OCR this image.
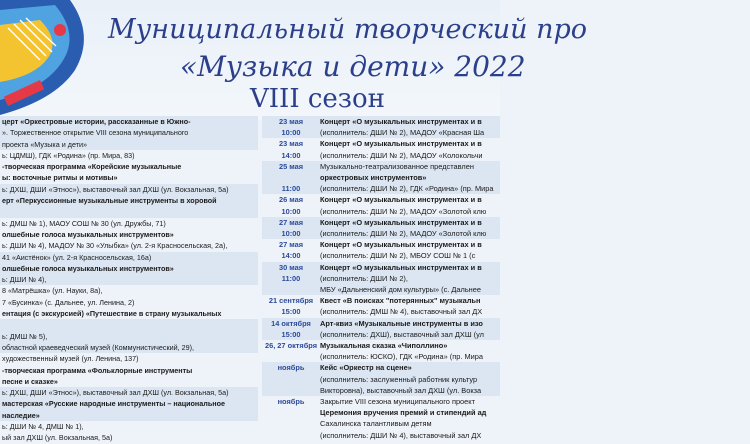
Муниципальный творческий про
«Музыка и дети» 2022
VIII сезон
церт «Оркестровые истории, рассказанные в Южно-
». Торжественное открытие VIII сезона муниципального
проекта «Музыка и дети»
ь: ЦДМШ), ГДК «Родина» (пр. Мира, 83)
-творческая программа «Корейские музыкальные
ы: восточные ритмы и мотивы»
ь: ДХШ, ДШИ «Этнос»), выставочный зал ДХШ (ул. Вокзальная, 5а)
ерт «Перкуссионные музыкальные инструменты в хоровой

ь: ДМШ № 1), МАОУ СОШ № 30 (ул. Дружбы, 71)
олшебные голоса музыкальных инструментов»
ь: ДШИ № 4), МАДОУ № 30 «Улыбка» (ул. 2-я Красносельская, 2а),
41 «Аистёнок» (ул. 2-я Красносельская, 16а)
олшебные голоса музыкальных инструментов»
ь: ДШИ № 4),
8 «Матрёшка» (ул. Науки, 8а),
7 «Бусинка» (с. Дальнее, ул. Ленина, 2)
ентация (с экскурсией) «Путешествие в страну музыкальных

ь: ДМШ № 5),
областной краеведческий музей (Коммунистический, 29),
художественный музей (ул. Ленина, 137)
-творческая программа «Фольклорные инструменты
песне и сказке»
ь: ДХШ, ДШИ «Этнос»), выставочный зал ДХШ (ул. Вокзальная, 5а)
мастерская «Русские народные инструменты – национальное
наследие»
ь: ДШИ № 4, ДМШ № 1),
ый зал ДХШ (ул. Вокзальная, 5а)
23 мая	Концерт «О музыкальных инструментах и в
10:00	(исполнитель: ДШИ № 2), МАДОУ «Красная Ша
23 мая	Концерт «О музыкальных инструментах и в
14:00	(исполнитель: ДШИ № 2), МАДОУ «Колокольчи
25 мая	Музыкально-театрализованное представлен
оркестровых инструментов»
11:00	(исполнитель: ДШИ № 2), ГДК «Родина» (пр. Мира
26 мая	Концерт «О музыкальных инструментах и в
10:00	(исполнитель: ДШИ № 2), МАДОУ «Золотой клю
27 мая	Концерт «О музыкальных инструментах и в
10:00	(исполнитель: ДШИ № 2), МАДОУ «Золотой клю
27 мая	Концерт «О музыкальных инструментах и в
14:00	(исполнитель: ДШИ № 2), МБОУ СОШ № 1 (с
30 мая	Концерт «О музыкальных инструментах и в
11:00	(исполнитель: ДШИ № 2),
МБУ «Дальненский дом культуры» (с. Дальнее
21 сентября Квест «В поисках "потерянных" музыкальн
15:00	(исполнитель: ДМШ № 4), выставочный зал ДХ
14 октября	Арт-квиз «Музыкальные инструменты в изо
15:00	(исполнитель: ДХШ), выставочный зал ДХШ (ул
26, 27 октября Музыкальная сказка «Чиполлино»
(исполнитель: ЮСКО), ГДК «Родина» (пр. Мира
ноябрь	Кейс «Оркестр на сцене»
(исполнитель: заслуженный работник культур
Викторовна), выставочный зал ДХШ (ул. Вокза
ноябрь	Закрытие VIII сезона муниципального проект
Церемония вручения премий и стипендий ад
Сахалинска талантливым детям
(исполнитель: ДШИ № 4), выставочный зал ДХ
